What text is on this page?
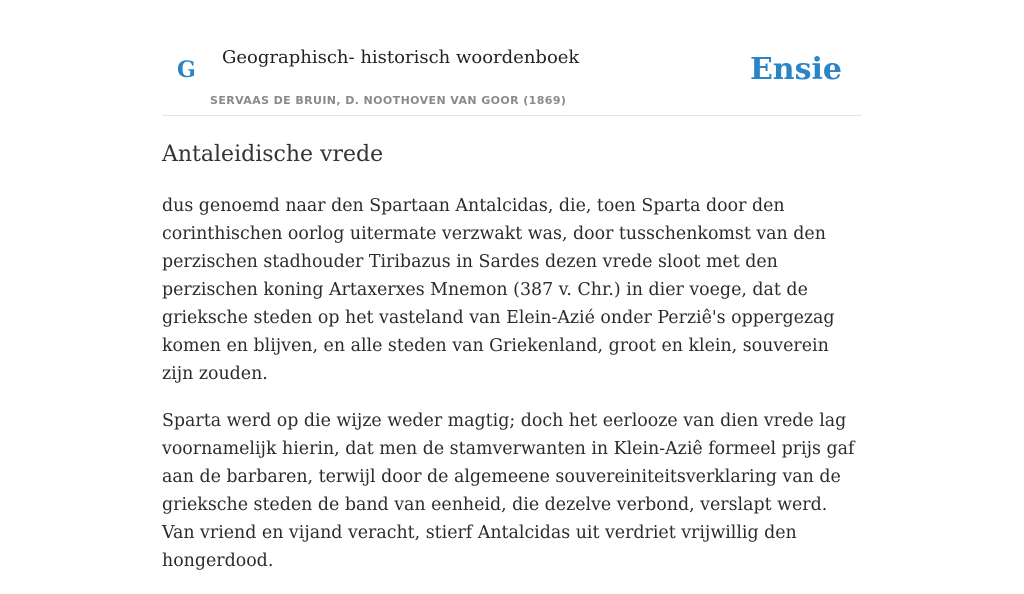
G Geographisch- historisch woordenboek
SERVAAS DE BRUIN, D. NOOTHOVEN VAN GOOR (1869)
Ensie
Antaleidische vrede

dus genoemd naar den Spartaan Antalcidas, die, toen Sparta door den corinthischen oorlog uitermate verzwakt was, door tusschenkomst van den perzischen stadhouder Tiribazus in Sardes dezen vrede sloot met den perzischen koning Artaxerxes Mnemon (387 v. Chr.) in dier voege, dat de grieksche steden op het vasteland van Elein-Azié onder Perziê's oppergezag komen en blijven, en alle steden van Griekenland, groot en klein, souverein zijn zouden.

Sparta werd op die wijze weder magtig; doch het eerlooze van dien vrede lag voornamelijk hierin, dat men de stamverwanten in Klein-Aziê formeel prijs gaf aan de barbaren, terwijl door de algemeene souvereiniteitsverklaring van de grieksche steden de band van eenheid, die dezelve verbond, verslapt werd. Van vriend en vijand veracht, stierf Antalcidas uit verdriet vrijwillig den hongerdood.
